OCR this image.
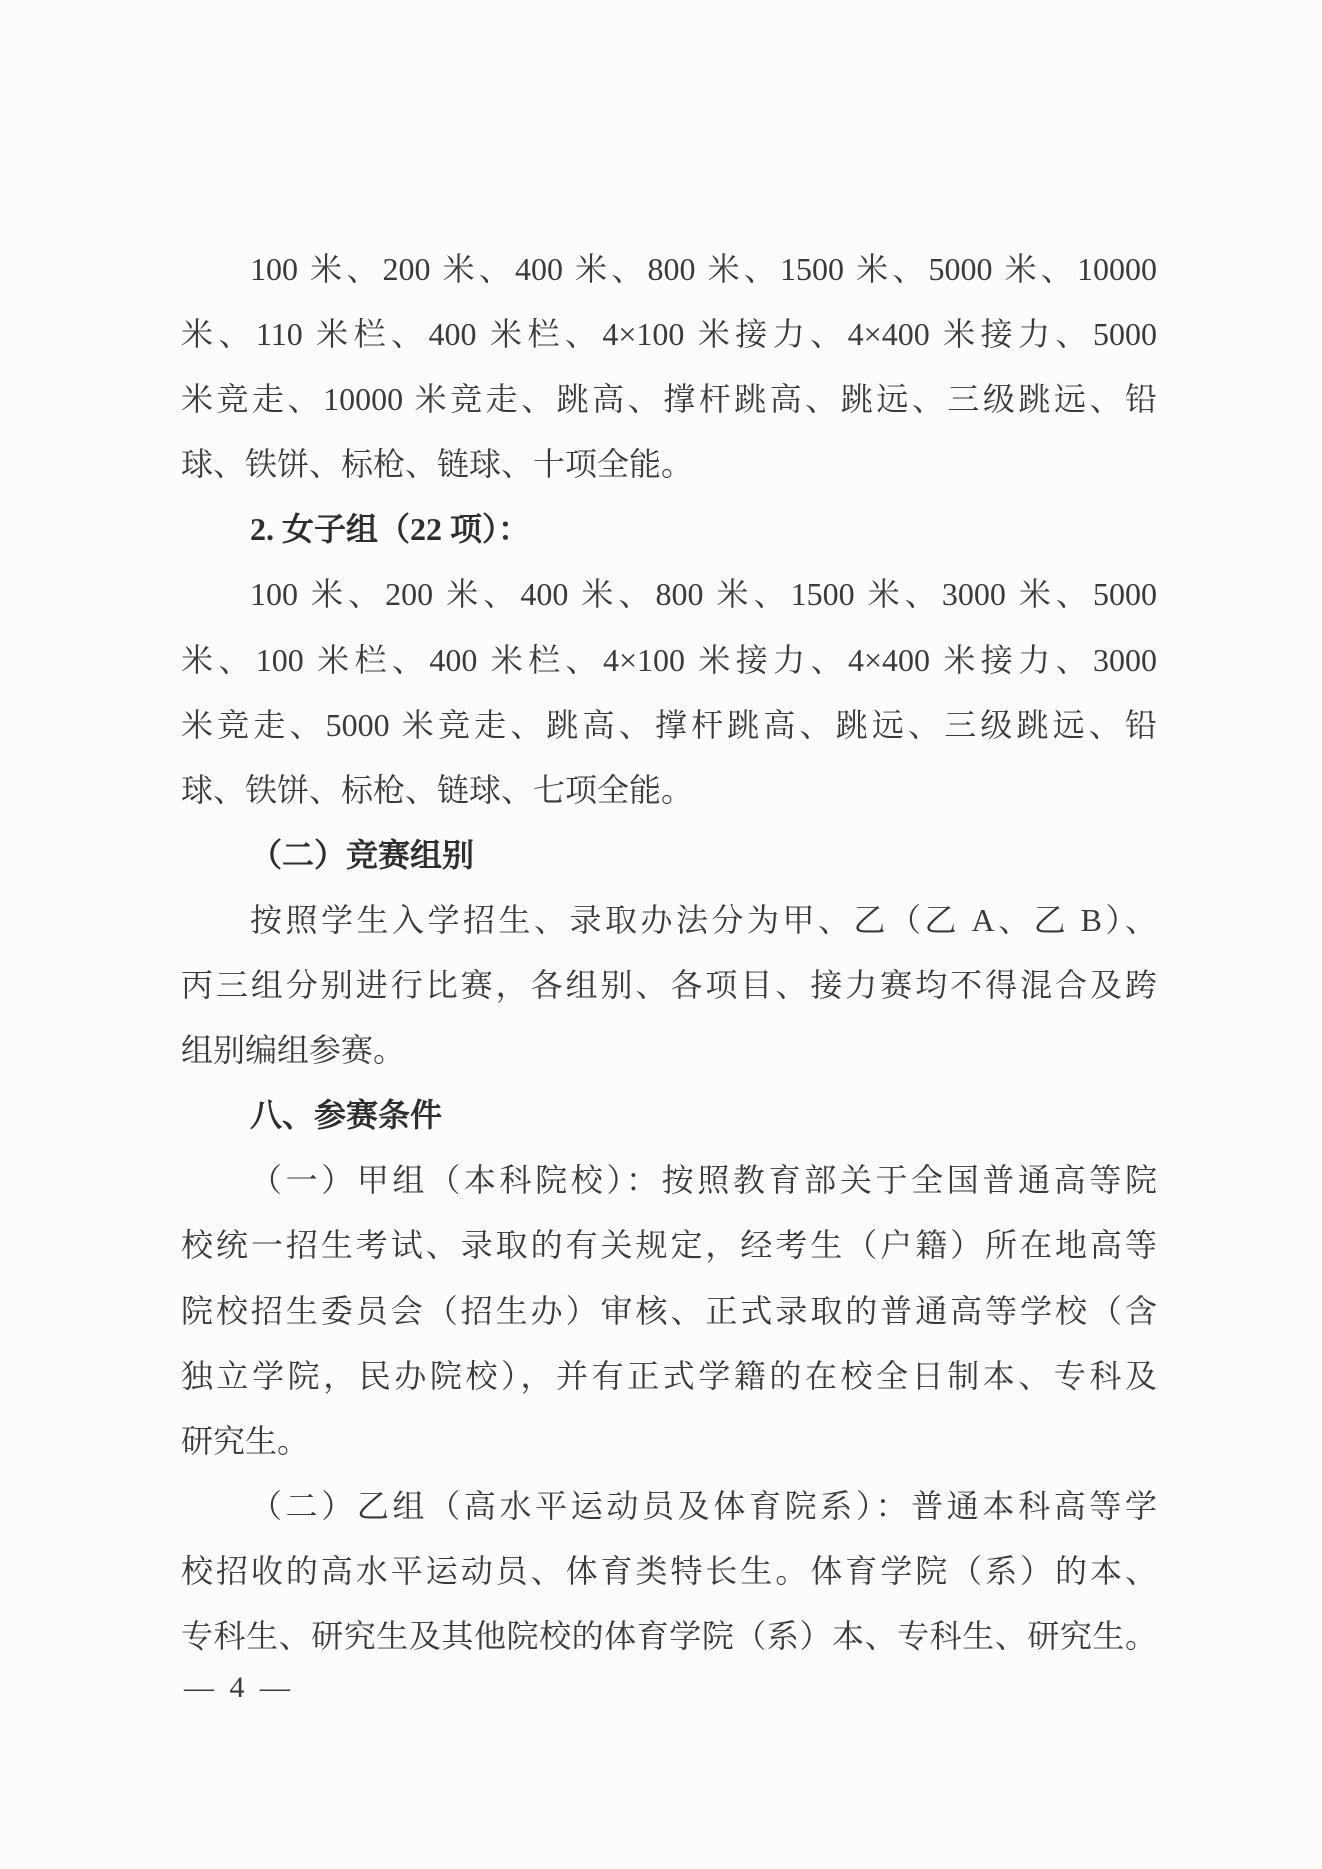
100 米、200 米、400 米、800 米、1500 米、5000 米、10000
米、110 米栏、400 米栏、4×100 米接力、4×400 米接力、5000
米竞走、10000 米竞走、跳高、撑杆跳高、跳远、三级跳远、铅
球、铁饼、标枪、链球、十项全能。
2. 女子组（22 项）：
100 米、200 米、400 米、800 米、1500 米、3000 米、5000
米、100 米栏、400 米栏、4×100 米接力、4×400 米接力、3000
米竞走、5000 米竞走、跳高、撑杆跳高、跳远、三级跳远、铅
球、铁饼、标枪、链球、七项全能。
（二）竞赛组别
按照学生入学招生、录取办法分为甲、乙（乙 A、乙 B）、
丙三组分别进行比赛，各组别、各项目、接力赛均不得混合及跨
组别编组参赛。
八、参赛条件
（一）甲组（本科院校）：按照教育部关于全国普通高等院
校统一招生考试、录取的有关规定，经考生（户籍）所在地高等
院校招生委员会（招生办）审核、正式录取的普通高等学校（含
独立学院，民办院校），并有正式学籍的在校全日制本、专科及
研究生。
（二）乙组（高水平运动员及体育院系）：普通本科高等学
校招收的高水平运动员、体育类特长生。体育学院（系）的本、
专科生、研究生及其他院校的体育学院（系）本、专科生、研究生。
— 4 —
